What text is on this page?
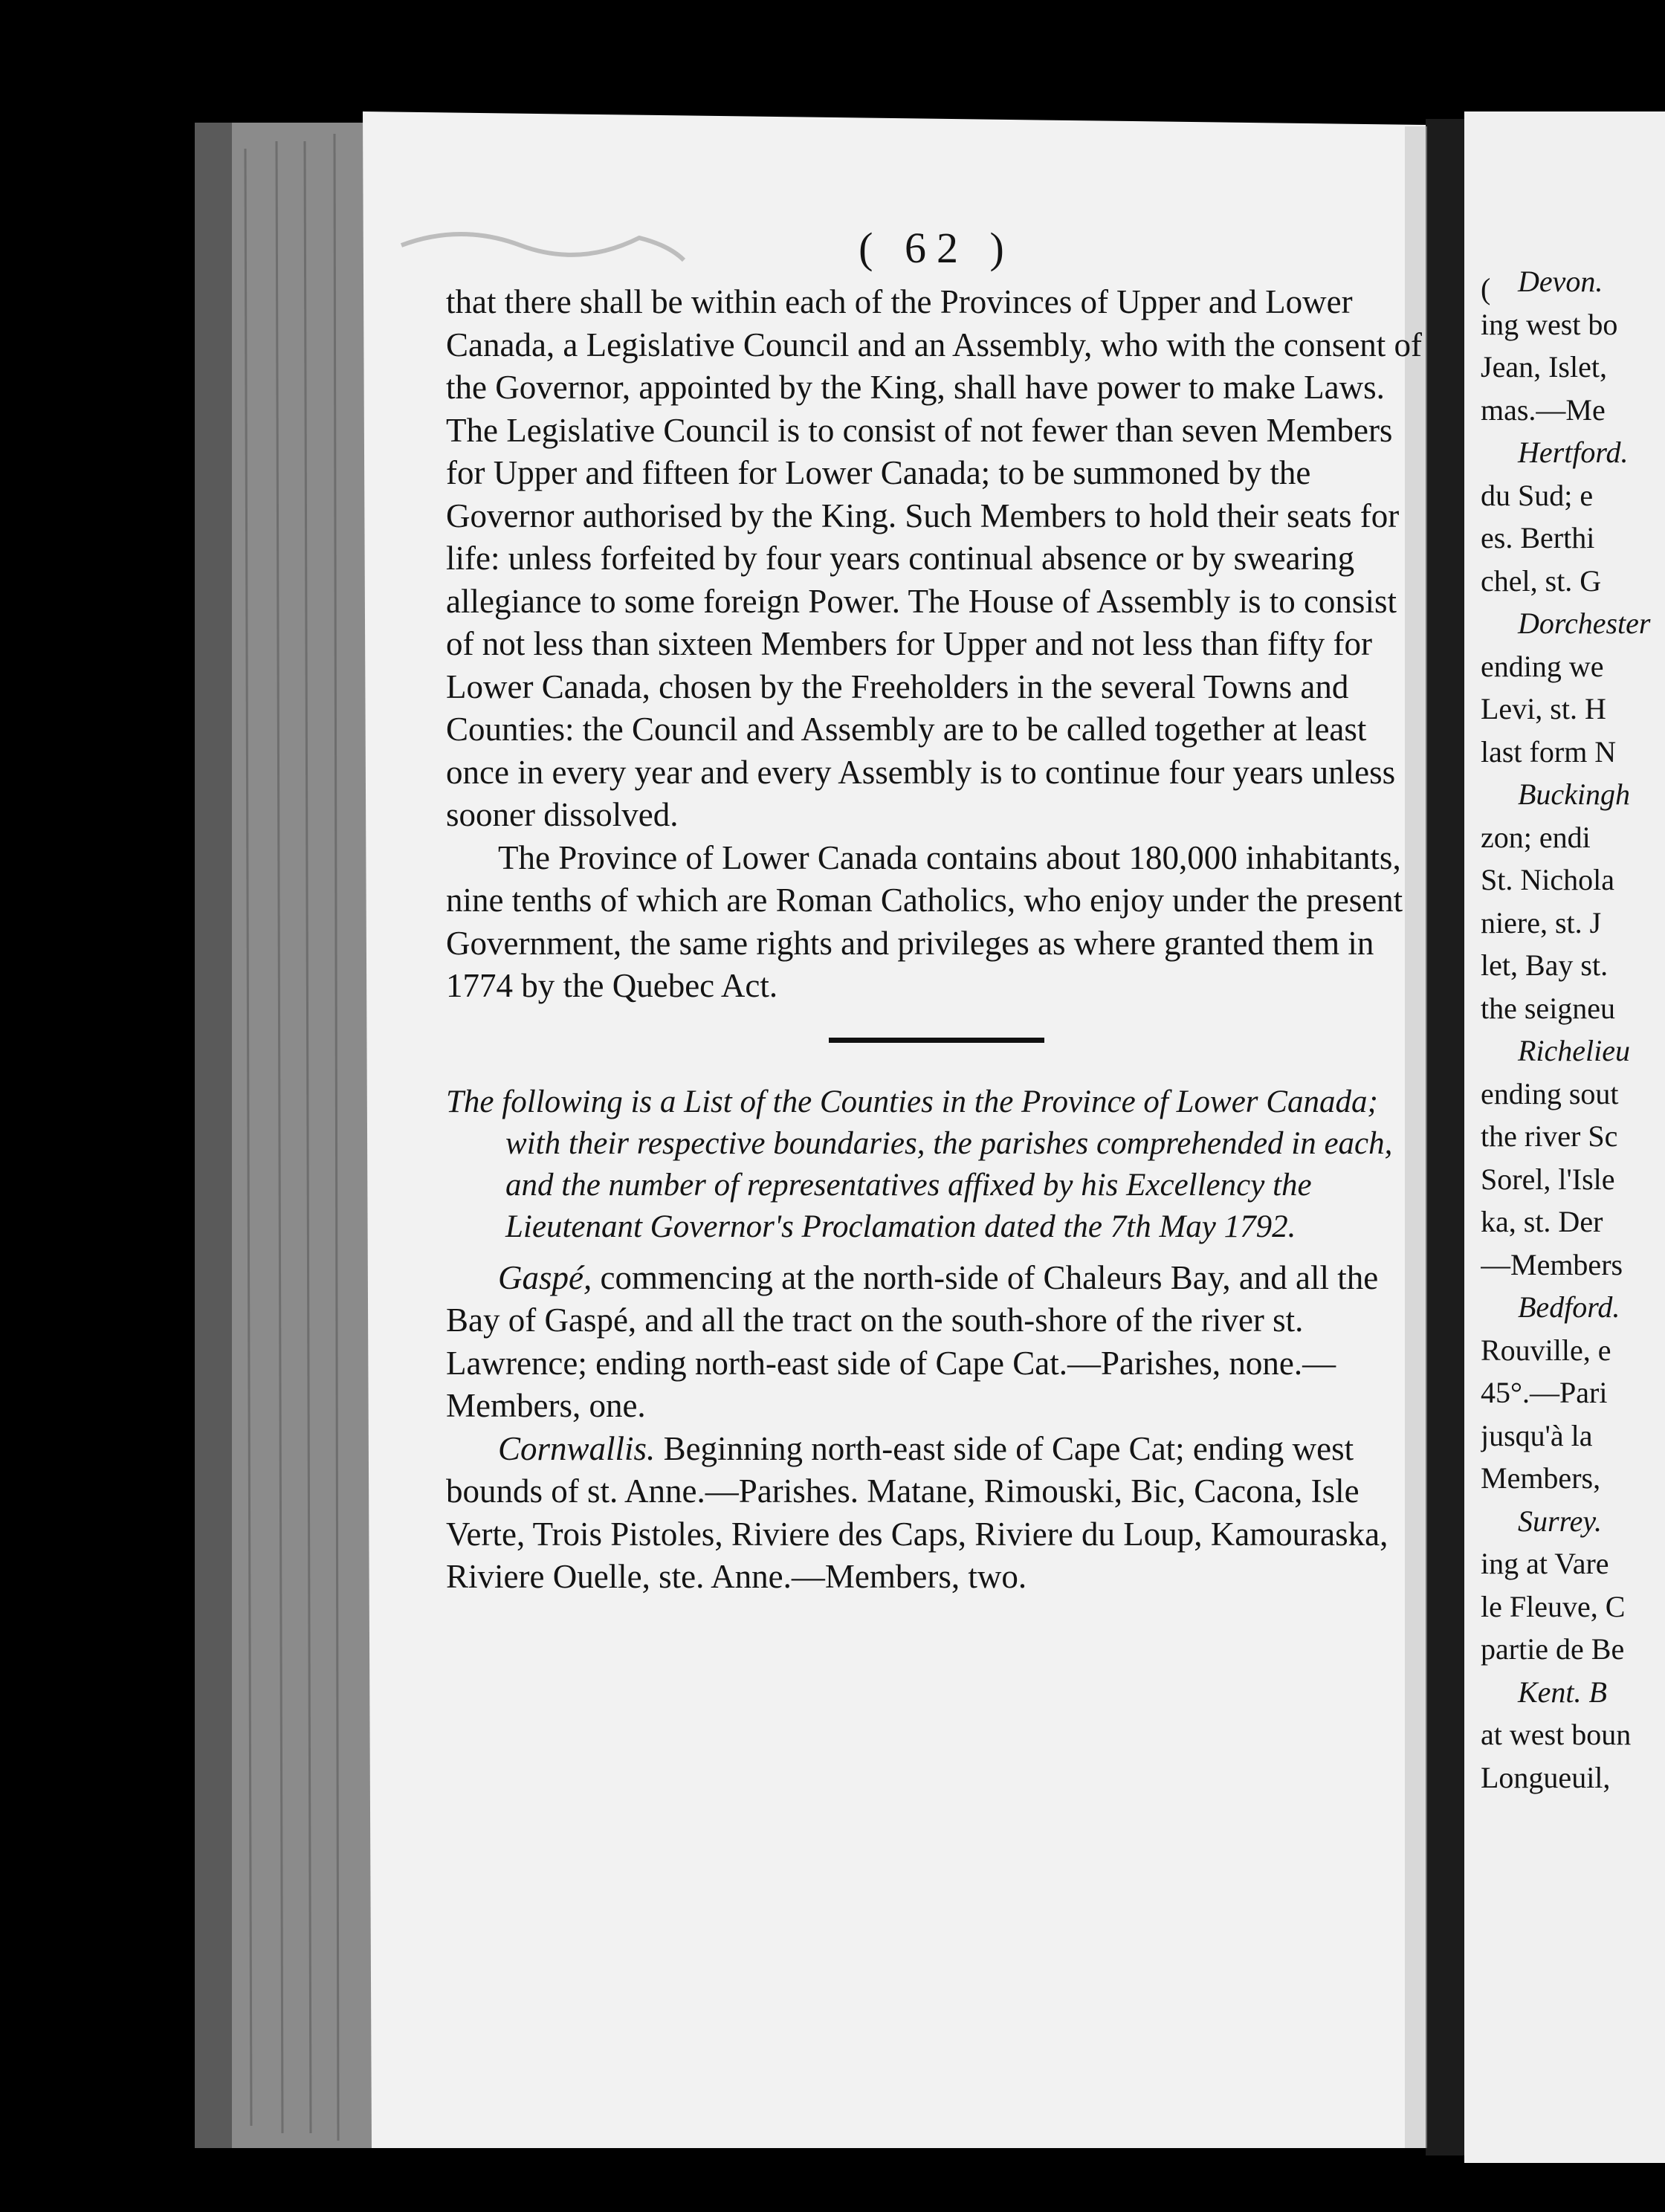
( 62 )

that there shall be within each of the Provinces of Upper and Lower Canada, a Legislative Council and an Assembly, who with the consent of the Governor, appointed by the King, shall have power to make Laws. The Legislative Council is to consist of not fewer than seven Members for Upper and fifteen for Lower Canada; to be summoned by the Governor authorised by the King. Such Members to hold their seats for life: unless forfeited by four years continual absence or by swearing allegiance to some foreign Power. The House of Assembly is to consist of not less than sixteen Members for Upper and not less than fifty for Lower Canada, chosen by the Freeholders in the several Towns and Counties: the Council and Assembly are to be called together at least once in every year and every Assembly is to continue four years unless sooner dissolved.

The Province of Lower Canada contains about 180,000 inhabitants, nine tenths of which are Roman Catholics, who enjoy under the present Government, the same rights and privileges as where granted them in 1774 by the Quebec Act.

The following is a List of the Counties in the Province of Lower Canada; with their respective boundaries, the parishes comprehended in each, and the number of representatives affixed by his Excellency the Lieutenant Governor's Proclamation dated the 7th May 1792.

Gaspé, commencing at the north-side of Chaleurs Bay, and all the Bay of Gaspé, and all the tract on the south-shore of the river st. Lawrence; ending north-east side of Cape Cat.—Parishes, none.—Members, one.

Cornwallis. Beginning north-east side of Cape Cat; ending west bounds of st. Anne.—Parishes. Matane, Rimouski, Bic, Cacona, Isle Verte, Trois Pistoles, Riviere des Caps, Riviere du Loup, Kamouraska, Riviere Ouelle, ste. Anne.—Members, two.

( Devon.
ing west bo
Jean, Islet,
mas.—Me
Hertford.
du Sud; e
es. Berthi
chel, st. G
Dorchester
ending we
Levi, st. H
last form N
Buckingh
zon; endi
St. Nichola
niere, st. J
let, Bay st.
the seigneu
Richelieu
ending sout
the river Sc
Sorel, l'Isle
ka, st. Der
—Members
Bedford.
Rouville, e
45°.—Pari
jusqu'à la
Members,
Surrey.
ing at Vare
le Fleuve, C
partie de Be
Kent. B
at west boun
Longueuil,
